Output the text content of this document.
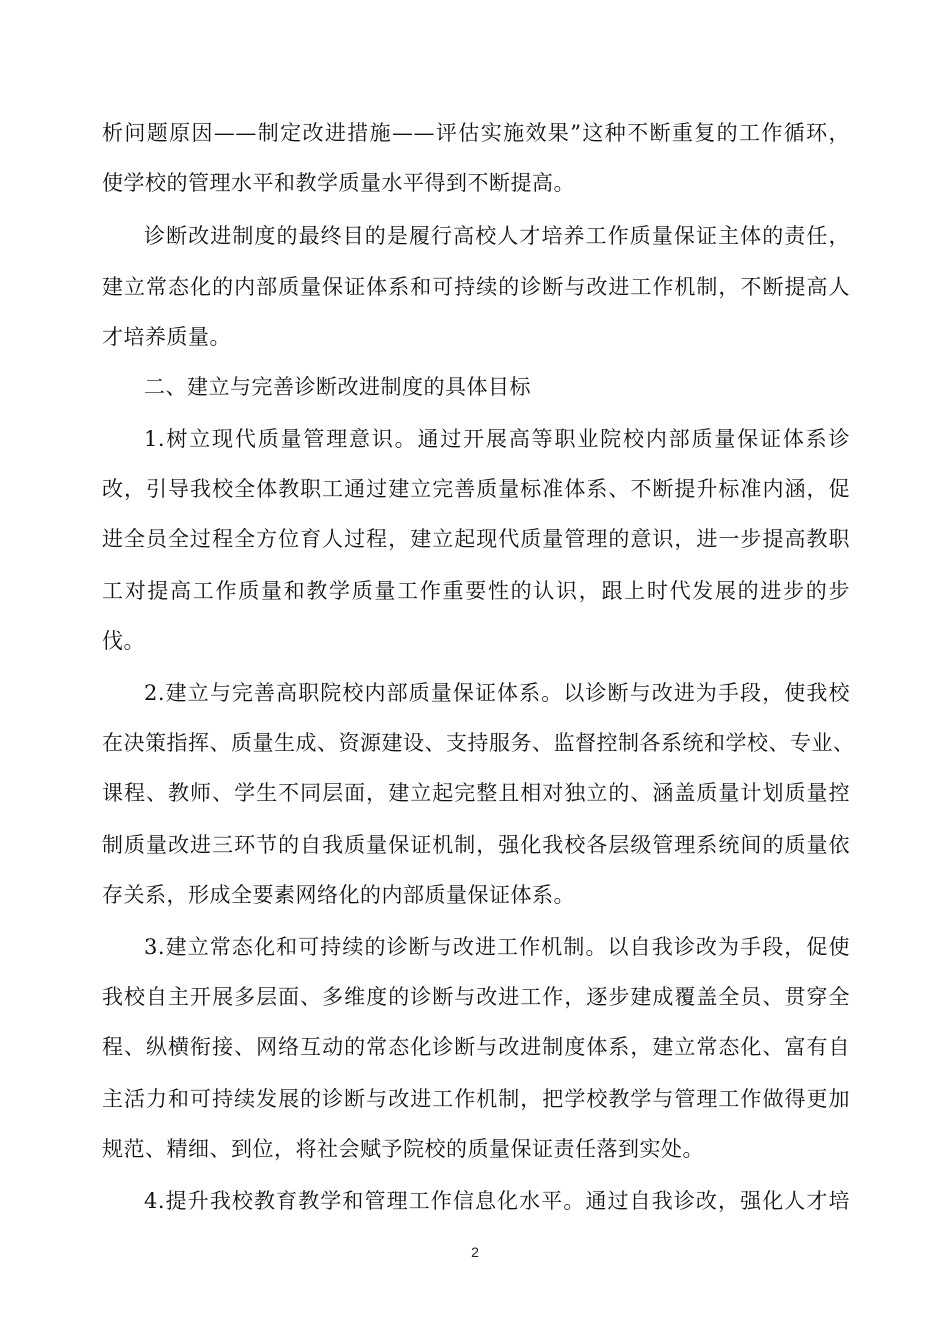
析问题原因——制定改进措施——评估实施效果”这种不断重复的工作循环，
使学校的管理水平和教学质量水平得到不断提高。
诊断改进制度的最终目的是履行高校人才培养工作质量保证主体的责任，
建立常态化的内部质量保证体系和可持续的诊断与改进工作机制，不断提高人
才培养质量。
二、建立与完善诊断改进制度的具体目标
1.树立现代质量管理意识。通过开展高等职业院校内部质量保证体系诊
改，引导我校全体教职工通过建立完善质量标准体系、不断提升标准内涵，促
进全员全过程全方位育人过程，建立起现代质量管理的意识，进一步提高教职
工对提高工作质量和教学质量工作重要性的认识，跟上时代发展的进步的步
伐。
2.建立与完善高职院校内部质量保证体系。以诊断与改进为手段，使我校
在决策指挥、质量生成、资源建设、支持服务、监督控制各系统和学校、专业、
课程、教师、学生不同层面，建立起完整且相对独立的、涵盖质量计划质量控
制质量改进三环节的自我质量保证机制，强化我校各层级管理系统间的质量依
存关系，形成全要素网络化的内部质量保证体系。
3.建立常态化和可持续的诊断与改进工作机制。以自我诊改为手段，促使
我校自主开展多层面、多维度的诊断与改进工作，逐步建成覆盖全员、贯穿全
程、纵横衔接、网络互动的常态化诊断与改进制度体系，建立常态化、富有自
主活力和可持续发展的诊断与改进工作机制，把学校教学与管理工作做得更加
规范、精细、到位，将社会赋予院校的质量保证责任落到实处。
4.提升我校教育教学和管理工作信息化水平。通过自我诊改，强化人才培
2
